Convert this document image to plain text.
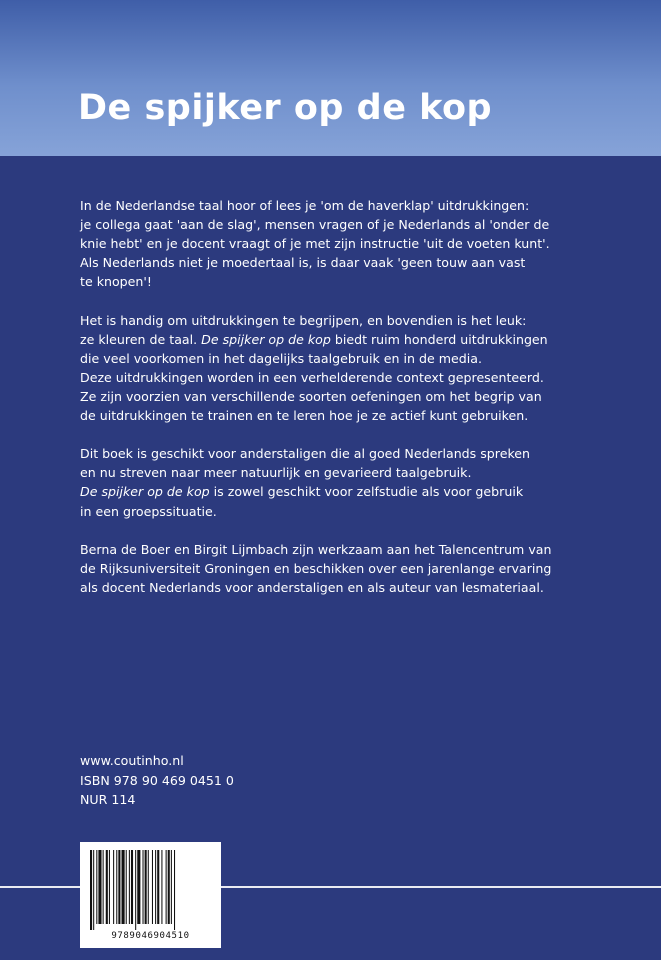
De spijker op de kop

In de Nederlandse taal hoor of lees je 'om de haverklap' uitdrukkingen:
je collega gaat 'aan de slag', mensen vragen of je Nederlands al 'onder de
knie hebt' en je docent vraagt of je met zijn instructie 'uit de voeten kunt'.
Als Nederlands niet je moedertaal is, is daar vaak 'geen touw aan vast
te knopen'!

Het is handig om uitdrukkingen te begrijpen, en bovendien is het leuk:
ze kleuren de taal. De spijker op de kop biedt ruim honderd uitdrukkingen
die veel voorkomen in het dagelijks taalgebruik en in de media.
Deze uitdrukkingen worden in een verhelderende context gepresenteerd.
Ze zijn voorzien van verschillende soorten oefeningen om het begrip van
de uitdrukkingen te trainen en te leren hoe je ze actief kunt gebruiken.

Dit boek is geschikt voor anderstaligen die al goed Nederlands spreken
en nu streven naar meer natuurlijk en gevarieerd taalgebruik.
De spijker op de kop is zowel geschikt voor zelfstudie als voor gebruik
in een groepssituatie.

Berna de Boer en Birgit Lijmbach zijn werkzaam aan het Talencentrum van
de Rijksuniversiteit Groningen en beschikken over een jarenlange ervaring
als docent Nederlands voor anderstaligen en als auteur van lesmateriaal.

www.coutinho.nl
ISBN 978 90 469 0451 0
NUR 114
9789046904510
